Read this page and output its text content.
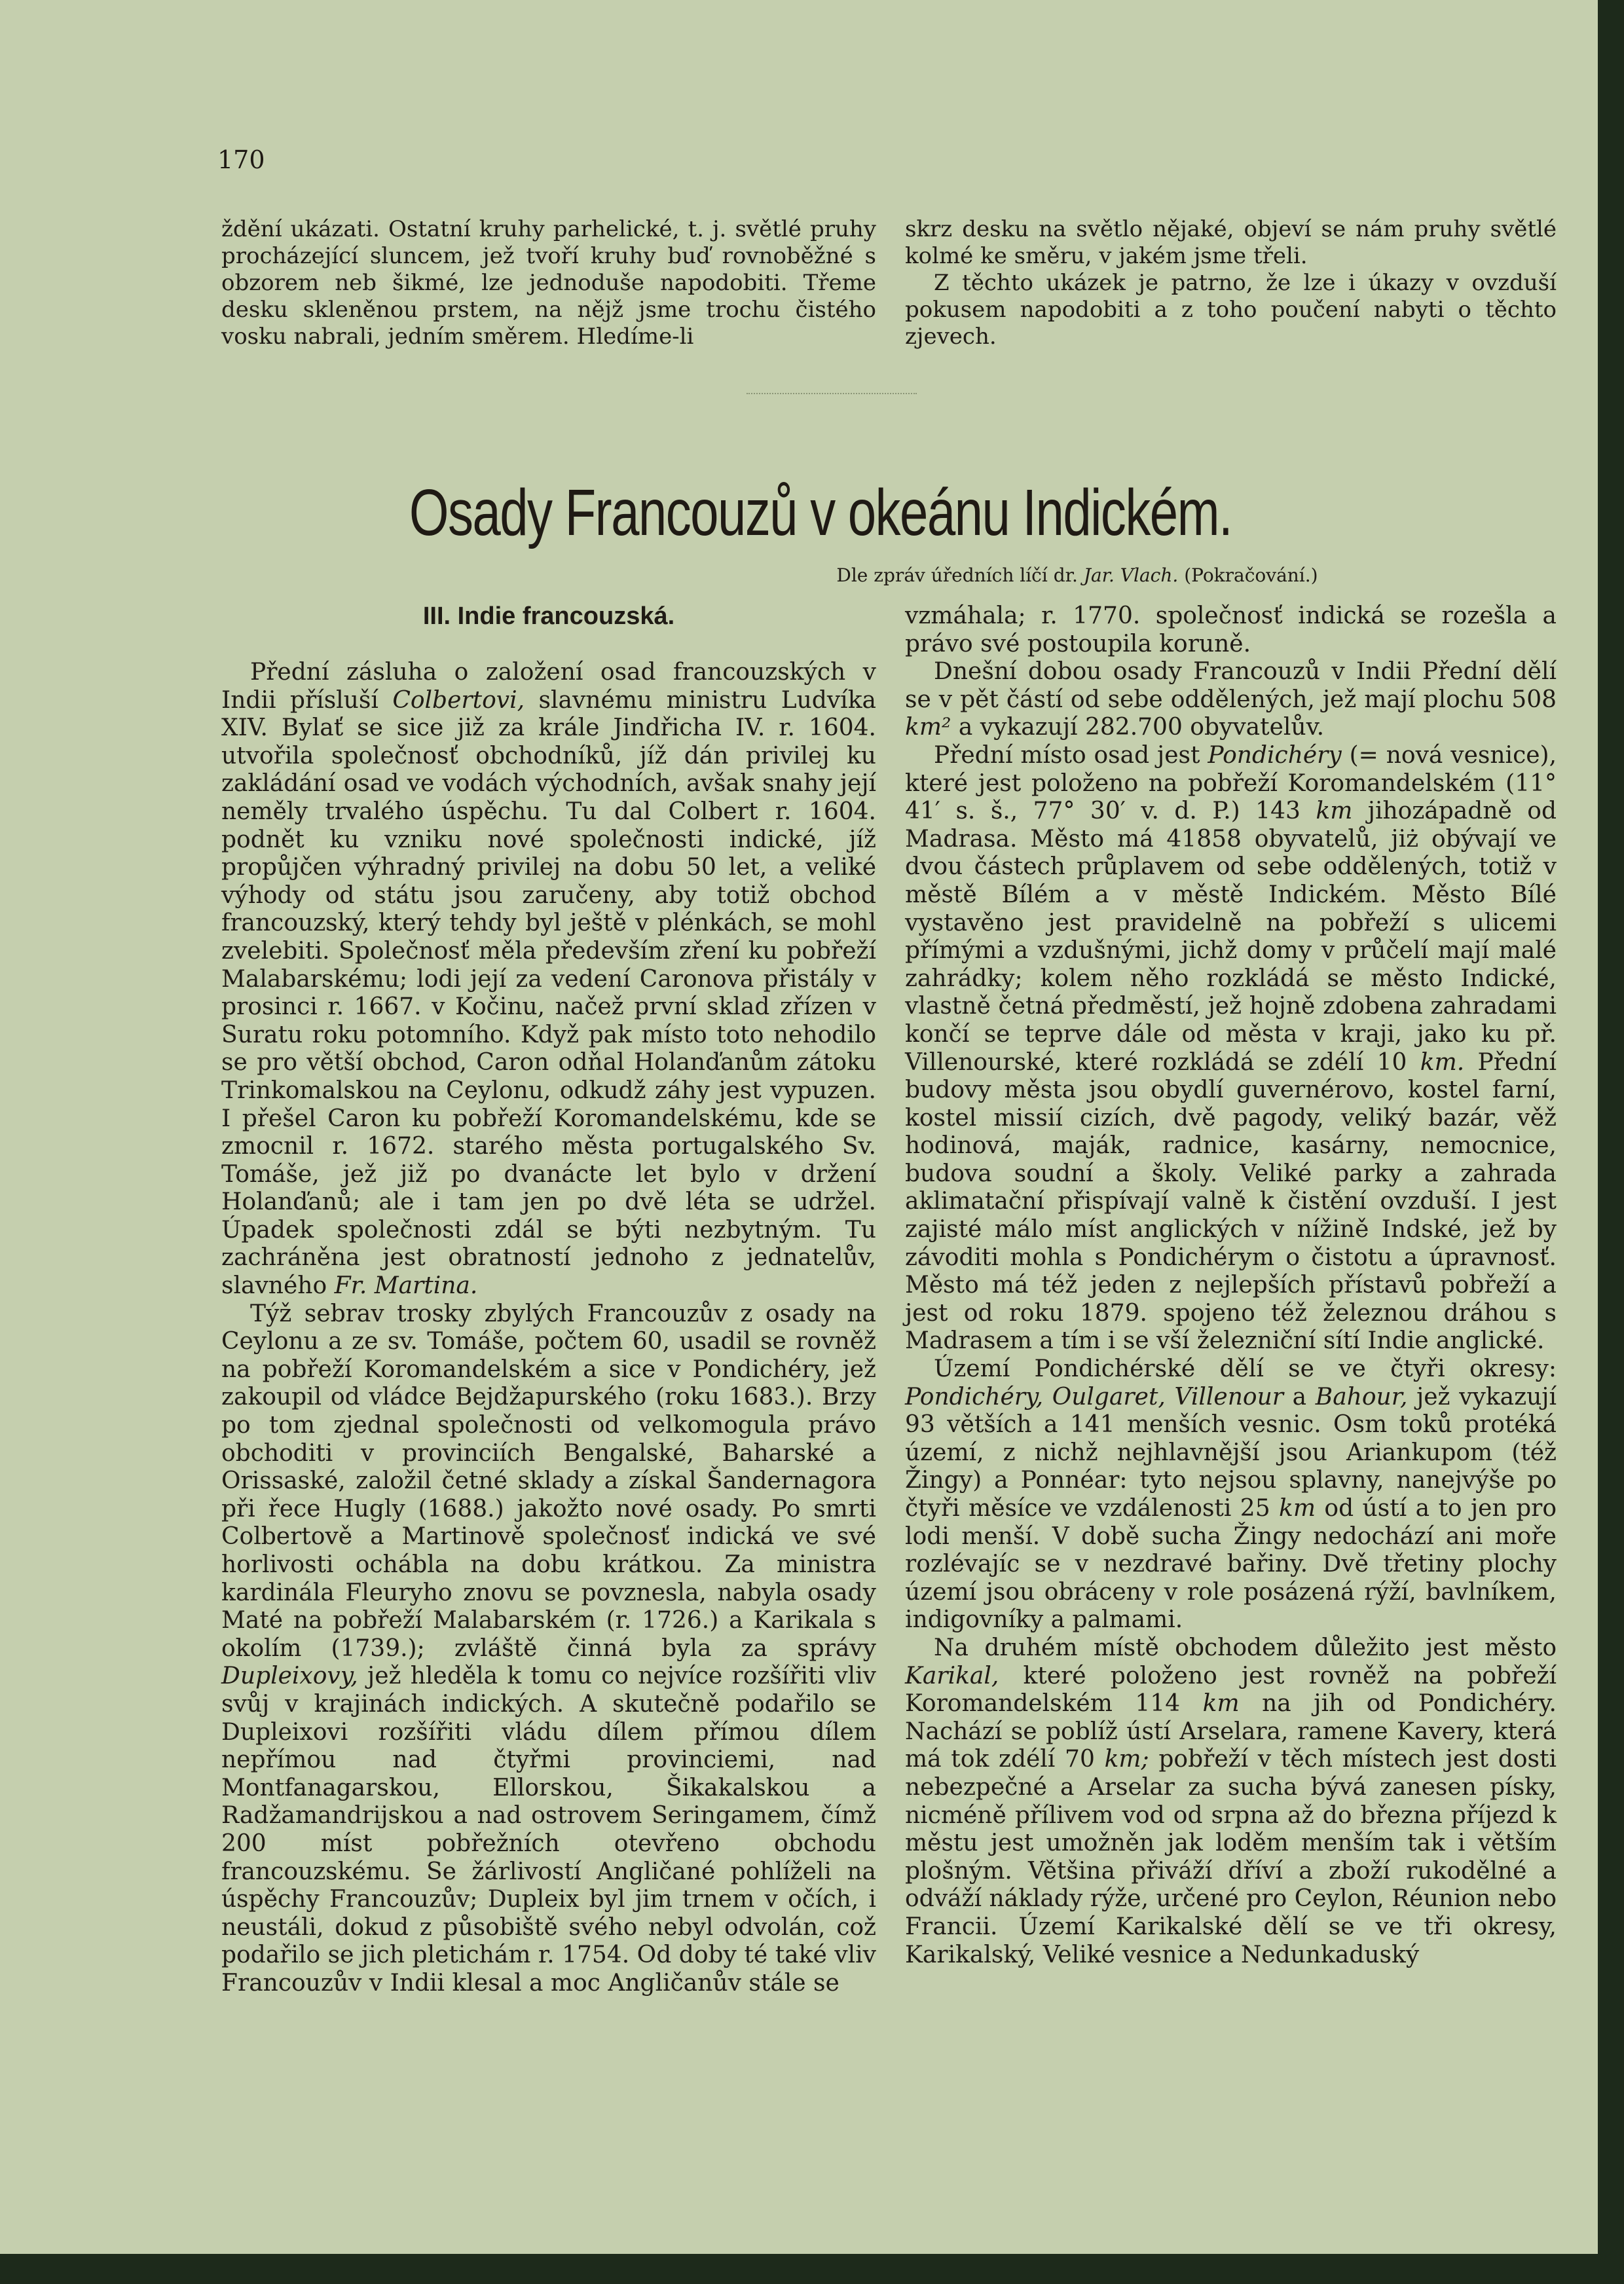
170

ždění ukázati. Ostatní kruhy parhelické, t. j. světlé pruhy procházející sluncem, jež tvoří kruhy buď rovnoběžné s obzorem neb šikmé, lze jednoduše napodobiti. Třeme desku skleněnou prstem, na nějž jsme trochu čistého vosku nabrali, jedním směrem. Hledíme-li

skrz desku na světlo nějaké, objeví se nám pruhy světlé kolmé ke směru, v jakém jsme třeli.

Z těchto ukázek je patrno, že lze i úkazy v ovzduší pokusem napodobiti a z toho poučení nabyti o těchto zjevech.

Osady Francouzů v okeánu Indickém.
Dle zpráv úředních líčí dr. Jar. Vlach. (Pokračování.)
III. Indie francouzská.

Přední zásluha o založení osad francouzských v Indii přísluší Colbertovi, slavnému ministru Ludvíka XIV. Bylať se sice již za krále Jindřicha IV. r. 1604. utvořila společnosť obchodníků, jíž dán privilej ku zakládání osad ve vodách východních, avšak snahy její neměly trvalého úspěchu. Tu dal Colbert r. 1604. podnět ku vzniku nové společnosti indické, jíž propůjčen výhradný privilej na dobu 50 let, a veliké výhody od státu jsou zaručeny, aby totiž obchod francouzský, který tehdy byl ještě v plénkách, se mohl zvelebiti. Společnosť měla především zření ku pobřeží Malabarskému; lodi její za vedení Caronova přistály v prosinci r. 1667. v Kočinu, načež první sklad zřízen v Suratu roku potomního. Když pak místo toto nehodilo se pro větší obchod, Caron odňal Holanďanům zátoku Trinkomalskou na Ceylonu, odkudž záhy jest vypuzen. I přešel Caron ku pobřeží Koromandelskému, kde se zmocnil r. 1672. starého města portugalského Sv. Tomáše, jež již po dvanácte let bylo v držení Holanďanů; ale i tam jen po dvě léta se udržel. Úpadek společnosti zdál se býti nezbytným. Tu zachráněna jest obratností jednoho z jednatelův, slavného Fr. Martina.

Týž sebrav trosky zbylých Francouzův z osady na Ceylonu a ze sv. Tomáše, počtem 60, usadil se rovněž na pobřeží Koromandelském a sice v Pondichéry, jež zakoupil od vládce Bejdžapurského (roku 1683.). Brzy po tom zjednal společnosti od velkomogula právo obchoditi v provinciích Bengalské, Baharské a Orissaské, založil četné sklady a získal Šandernagora při řece Hugly (1688.) jakožto nové osady. Po smrti Colbertově a Martinově společnosť indická ve své horlivosti ochábla na dobu krátkou. Za ministra kardinála Fleuryho znovu se povznesla, nabyla osady Maté na pobřeží Malabarském (r. 1726.) a Karikala s okolím (1739.); zvláště činná byla za správy Dupleixovy, jež hleděla k tomu co nejvíce rozšířiti vliv svůj v krajinách indických. A skutečně podařilo se Dupleixovi rozšířiti vládu dílem přímou dílem nepřímou nad čtyřmi provinciemi, nad Montfanagarskou, Ellorskou, Šikakalskou a Radžamandrijskou a nad ostrovem Seringamem, čímž 200 míst pobřežních otevřeno obchodu francouzskému. Se žárlivostí Angličané pohlíželi na úspěchy Francouzův; Dupleix byl jim trnem v očích, i neustáli, dokud z působiště svého nebyl odvolán, což podařilo se jich pletichám r. 1754. Od doby té také vliv Francouzův v Indii klesal a moc Angličanův stále se

vzmáhala; r. 1770. společnosť indická se rozešla a právo své postoupila koruně.

Dnešní dobou osady Francouzů v Indii Přední dělí se v pět částí od sebe oddělených, jež mají plochu 508 km² a vykazují 282.700 obyvatelův.

Přední místo osad jest Pondichéry (= nová vesnice), které jest položeno na pobřeží Koromandelském (11° 41′ s. š., 77° 30′ v. d. P.) 143 km jihozápadně od Madrasa. Město má 41858 obyvatelů, jiż obývají ve dvou částech průplavem od sebe oddělených, totiž v městě Bílém a v městě Indickém. Město Bílé vystavěno jest pravidelně na pobřeží s ulicemi přímými a vzdušnými, jichž domy v průčelí mají malé zahrádky; kolem něho rozkládá se město Indické, vlastně četná předměstí, jež hojně zdobena zahradami končí se teprve dále od města v kraji, jako ku př. Villenourské, které rozkládá se zdélí 10 km. Přední budovy města jsou obydlí guvernérovo, kostel farní, kostel missií cizích, dvě pagody, veliký bazár, věž hodinová, maják, radnice, kasárny, nemocnice, budova soudní a školy. Veliké parky a zahrada aklimatační přispívají valně k čistění ovzduší. I jest zajisté málo míst anglických v nížině Indské, jež by závoditi mohla s Pondichérym o čistotu a úpravnosť. Město má též jeden z nejlepších přístavů pobřeží a jest od roku 1879. spojeno též železnou dráhou s Madrasem a tím i se vší železniční sítí Indie anglické.

Území Pondichérské dělí se ve čtyři okresy: Pondichéry, Oulgaret, Villenour a Bahour, jež vykazují 93 větších a 141 menších vesnic. Osm toků protéká území, z nichž nejhlavnější jsou Ariankupom (též Žingy) a Ponnéar: tyto nejsou splavny, nanejvýše po čtyři měsíce ve vzdálenosti 25 km od ústí a to jen pro lodi menší. V době sucha Žingy nedochází ani moře rozlévajíc se v nezdravé bařiny. Dvě třetiny plochy území jsou obráceny v role posázená rýží, bavlníkem, indigovníky a palmami.

Na druhém místě obchodem důležito jest město Karikal, které položeno jest rovněž na pobřeží Koromandelském 114 km na jih od Pondichéry. Nachází se poblíž ústí Arselara, ramene Kavery, která má tok zdélí 70 km; pobřeží v těch místech jest dosti nebezpečné a Arselar za sucha bývá zanesen písky, nicméně přílivem vod od srpna až do března příjezd k městu jest umožněn jak loděm menším tak i větším plošným. Většina přiváží dříví a zboží rukodělné a odváží náklady rýže, určené pro Ceylon, Réunion nebo Francii. Území Karikalské dělí se ve tři okresy, Karikalský, Veliké vesnice a Nedunkaduský
